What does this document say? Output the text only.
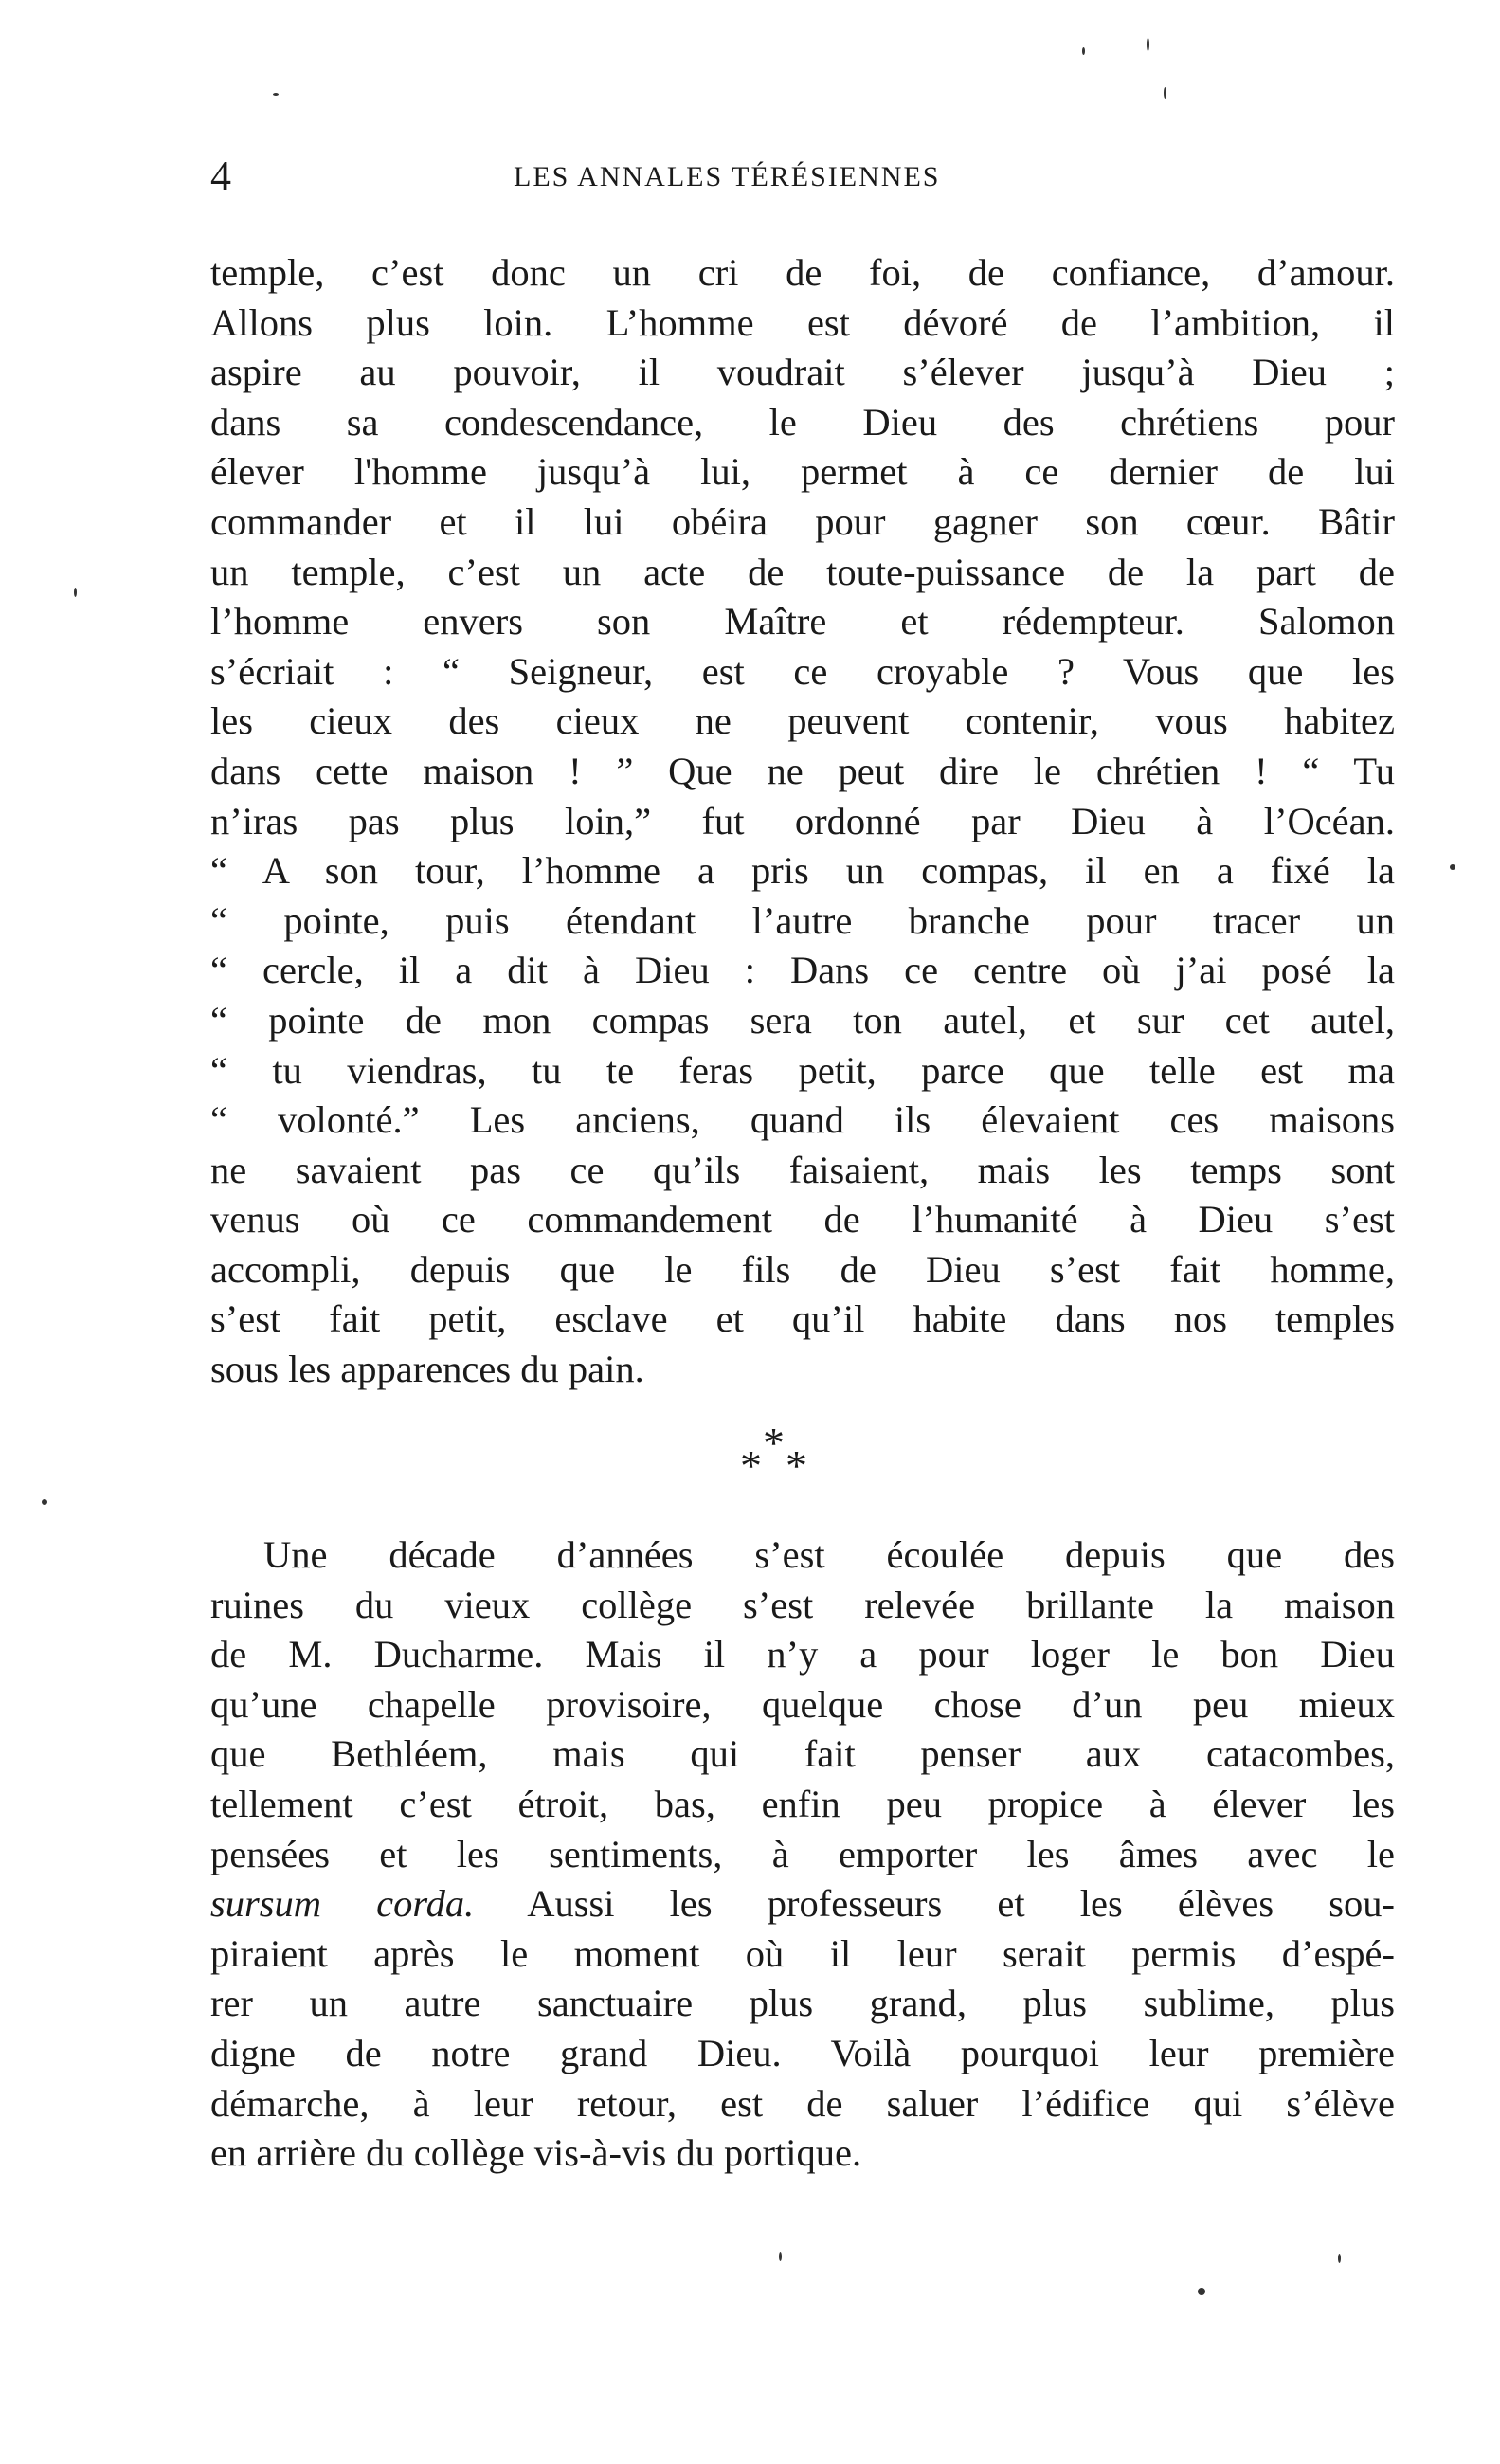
4	LES ANNALES TÉRÉSIENNES
temple, c’est donc un cri de foi, de confiance, d’amour.
Allons plus loin. L’homme est dévoré de l’ambition, il
aspire au pouvoir, il voudrait s’élever jusqu’à Dieu ;
dans sa condescendance, le Dieu des chrétiens pour
élever l'homme jusqu’à lui, permet à ce dernier de lui
commander et il lui obéira pour gagner son cœur. Bâtir
un temple, c’est un acte de toute-puissance de la part de
l’homme envers son Maître et rédempteur. Salomon
s’écriait : “ Seigneur, est ce croyable ? Vous que les
les cieux des cieux ne peuvent contenir, vous habitez
dans cette maison ! ” Que ne peut dire le chrétien ! “ Tu
n’iras pas plus loin,” fut ordonné par Dieu à l’Océan.
“ A son tour, l’homme a pris un compas, il en a fixé la
“ pointe, puis étendant l’autre branche pour tracer un
“ cercle, il a dit à Dieu : Dans ce centre où j’ai posé la
“ pointe de mon compas sera ton autel, et sur cet autel,
“ tu viendras, tu te feras petit, parce que telle est ma
“ volonté.” Les anciens, quand ils élevaient ces maisons
ne savaient pas ce qu’ils faisaient, mais les temps sont
venus où ce commandement de l’humanité à Dieu s’est
accompli, depuis que le fils de Dieu s’est fait homme,
s’est fait petit, esclave et qu’il habite dans nos temples
sous les apparences du pain.
*
* *
Une décade d’années s’est écoulée depuis que des
ruines du vieux collège s’est relevée brillante la maison
de M. Ducharme. Mais il n’y a pour loger le bon Dieu
qu’une chapelle provisoire, quelque chose d’un peu mieux
que Bethléem, mais qui fait penser aux catacombes,
tellement c’est étroit, bas, enfin peu propice à élever les
pensées et les sentiments, à emporter les âmes avec le
sursum corda. Aussi les professeurs et les élèves sou-
piraient après le moment où il leur serait permis d’espé-
rer un autre sanctuaire plus grand, plus sublime, plus
digne de notre grand Dieu. Voilà pourquoi leur première
démarche, à leur retour, est de saluer l’édifice qui s’élève
en arrière du collège vis-à-vis du portique.
